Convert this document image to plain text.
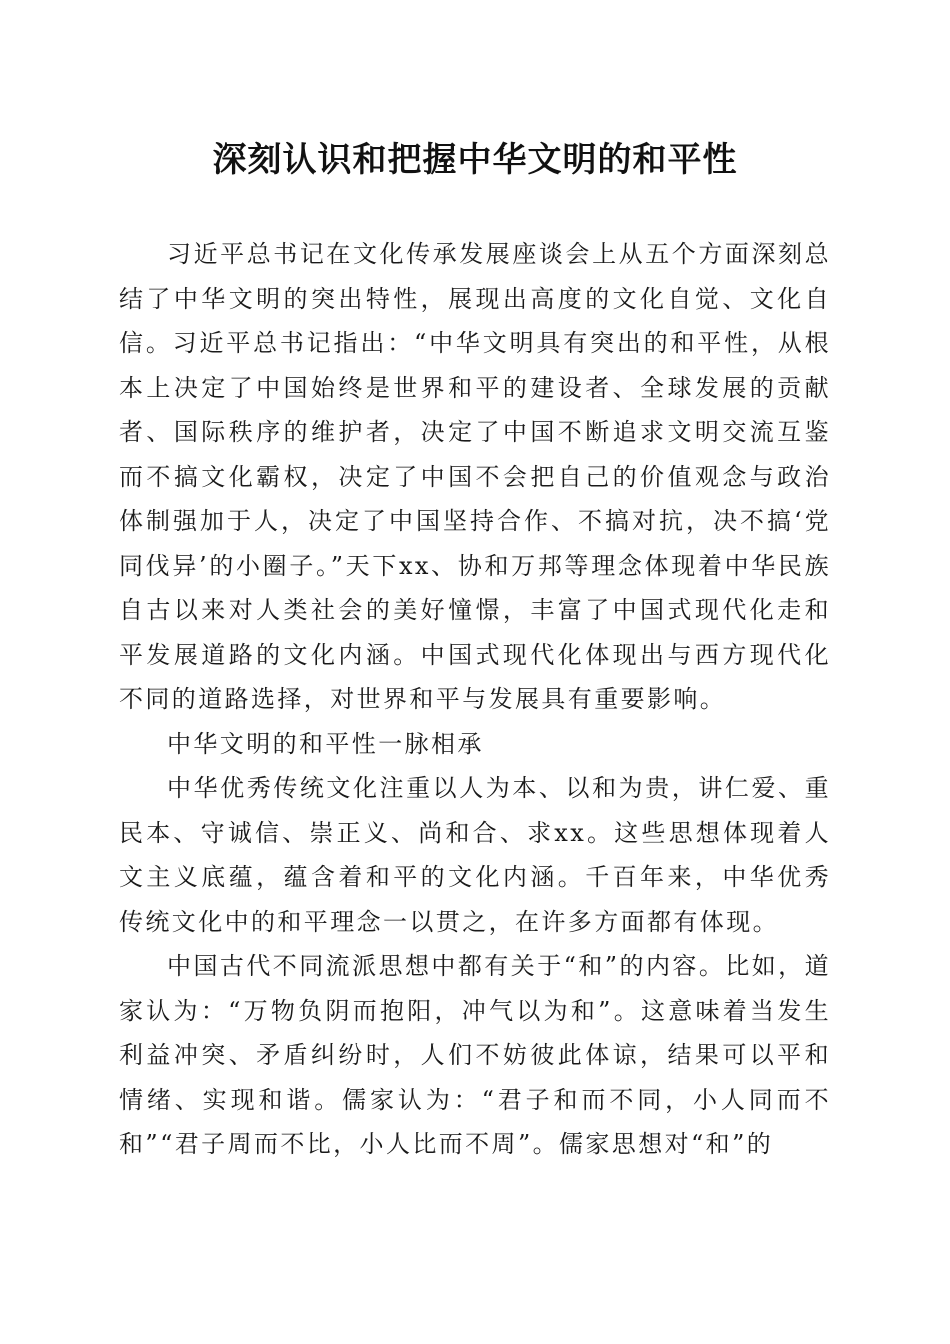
深刻认识和把握中华文明的和平性

习近平总书记在文化传承发展座谈会上从五个方面深刻总结了中华文明的突出特性，展现出高度的文化自觉、文化自信。习近平总书记指出：“中华文明具有突出的和平性，从根本上决定了中国始终是世界和平的建设者、全球发展的贡献者、国际秩序的维护者，决定了中国不断追求文明交流互鉴而不搞文化霸权，决定了中国不会把自己的价值观念与政治体制强加于人，决定了中国坚持合作、不搞对抗，决不搞‘党同伐异’的小圈子。”天下xx、协和万邦等理念体现着中华民族自古以来对人类社会的美好憧憬，丰富了中国式现代化走和平发展道路的文化内涵。中国式现代化体现出与西方现代化不同的道路选择，对世界和平与发展具有重要影响。

中华文明的和平性一脉相承

中华优秀传统文化注重以人为本、以和为贵，讲仁爱、重民本、守诚信、崇正义、尚和合、求xx。这些思想体现着人文主义底蕴，蕴含着和平的文化内涵。千百年来，中华优秀传统文化中的和平理念一以贯之，在许多方面都有体现。

中国古代不同流派思想中都有关于“和”的内容。比如，道家认为：“万物负阴而抱阳，冲气以为和”。这意味着当发生利益冲突、矛盾纠纷时，人们不妨彼此体谅，结果可以平和情绪、实现和谐。儒家认为：“君子和而不同，小人同而不和”“君子周而不比，小人比而不周”。儒家思想对“和”的
